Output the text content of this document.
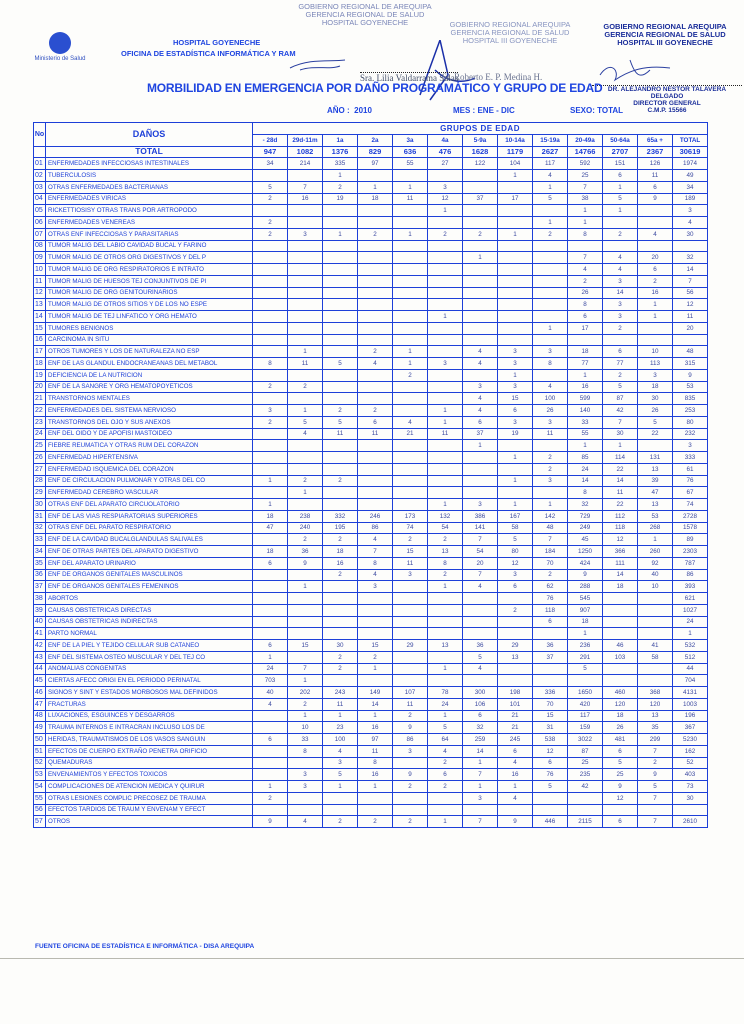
Ministerio de Salud
HOSPITAL GOYENECHE
OFICINA DE ESTADÍSTICA INFORMÁTICA Y RAM
GOBIERNO REGIONAL DE AREQUIPA
GERENCIA REGIONAL DE SALUD
HOSPITAL GOYENECHE	GOBIERNO REGIONAL AREQUIPA
GERENCIA REGIONAL DE SALUD
HOSPITAL III GOYENECHE
GOBIERNO REGIONAL AREQUIPA
GERENCIA REGIONAL DE SALUD
HOSPITAL III GOYENECHE
Sra. Lilia Valdarrama Salas
Sr. Roberto E. P. Medina H.
DR. ALEJANDRO NESTOR TALAVERA DELGADO
DIRECTOR GENERAL
C.M.P. 15566
MORBILIDAD EN EMERGENCIA POR DAÑO PROGRAMÁTICO Y GRUPO DE EDAD
AÑO : 2010	MES : ENE - DIC	SEXO: TOTAL
No	DAÑOS	GRUPOS DE EDAD												
		- 28d	29d-11m	1a	2a	3a	4a	5-9a	10-14a	15-19a	20-49a	50-64a	65a +	TOTAL
	TOTAL	947	1082	1376	829	636	476	1628	1179	2627	14766	2707	2367	30619
01	ENFERMEDADES INFECCIOSAS INTESTINALES	34	214	335	97	55	27	122	104	117	592	151	126	1974
02	TUBERCULOSIS			1					1	4	25	6	11	49
03	OTRAS ENFERMEDADES BACTERIANAS	5	7	2	1	1	3			1	7	1	6	34
04	ENFERMEDADES VIRICAS	2	16	19	18	11	12	37	17	5	38	5	9	189
05	RICKETTIOSISY OTRAS TRANS POR ARTROPODO						1				1	1		3
06	ENFERMEDADES VENEREAS	2								1	1			4
07	OTRAS ENF INFECCIOSAS Y PARASITARIAS	2	3	1	2	1	2	2	1	2	8	2	4	30
08	TUMOR MALIG DEL LABIO CAVIDAD BUCAL Y FARINO													
09	TUMOR MALIG DE OTROS ORG DIGESTIVOS Y DEL P							1			7	4	20	32
10	TUMOR MALIG DE ORG RESPIRATORIOS E INTRATO										4	4	6	14
11	TUMOR MALIG DE HUESOS TEJ CONJUNTIVOS DE PI										2	3	2	7
12	TUMOR MALIG DE ORG GENITOURINARIOS										26	14	16	56
13	TUMOR MALIG DE OTROS SITIOS Y DE LOS NO ESPE										8	3	1	12
14	TUMOR MALIG DE TEJ LINFATICO Y ORG HEMATO						1				6	3	1	11
15	TUMORES BENIGNOS									1	17	2		20
16	CARCINOMA IN SITU													
17	OTROS TUMORES Y LOS DE NATURALEZA NO ESP		1		2	1		4	3	3	18	6	10	48
18	ENF DE LAS GLANDUL ENDOCRANEANAS DEL METABOL	8	11	5	4	1	3	4	3	8	77	77	113	315
19	DEFICIENCIA DE LA NUTRICION					2			1		1	2	3	9
20	ENF DE LA SANGRE Y ORG HEMATOPOYETICOS	2	2					3	3	4	16	5	18	53
21	TRANSTORNOS MENTALES							4	15	100	599	87	30	835
22	ENFERMEDADES DEL SISTEMA NERVIOSO	3	1	2	2		1	4	6	26	140	42	26	253
23	TRANSTORNOS DEL OJO Y SUS ANEXOS	2	5	5	6	4	1	6	3	3	33	7	5	80
24	ENF DEL OIDO Y DE APOFISI MASTOIDEO		4	11	11	21	11	37	19	11	55	30	22	232
25	FIEBRE REUMATICA Y OTRAS RUM DEL CORAZON							1			1	1		3
26	ENFERMEDAD HIPERTENSIVA								1	2	85	114	131	333
27	ENFERMEDAD ISQUEMICA DEL CORAZON									2	24	22	13	61
28	ENF DE CIRCULACION PULMONAR Y OTRAS DEL CO	1	2	2					1	3	14	14	39	76
29	ENFERMEDAD CEREBRO VASCULAR		1								8	11	47	67
30	OTRAS ENF DEL APARATO CIRCUOLATORIO	1					1	3	1	1	32	22	13	74
31	ENF DE LAS VIAS RESPIARATORIAS SUPERIORES	18	238	332	246	173	132	386	167	142	729	112	53	2728
32	OTRAS ENF DEL PARATO RESPIRATORIO	47	240	195	86	74	54	141	58	48	249	118	268	1578
33	ENF DE LA CAVIDAD BUCALGLANDULAS SALIVALES		2	2	4	2	2	7	5	7	45	12	1	89
34	ENF DE OTRAS PARTES DEL APARATO DIGESTIVO	18	36	18	7	15	13	54	80	184	1250	366	260	2303
35	ENF DEL APARATO URINARIO	6	9	16	8	11	8	20	12	70	424	111	92	787
36	ENF DE ORGANOS GENITALES MASCULINOS			2	4	3	2	7	3	2	9	14	40	86
37	ENF DE ORGANOS GENITALES FEMENINOS		1		3		1	4	6	62	288	18	10	393
38	ABORTOS									76	545			621
39	CAUSAS OBSTETRICAS DIRECTAS								2	118	907			1027
40	CAUSAS OBSTETRICAS INDIRECTAS									6	18			24
41	PARTO NORMAL										1			1
42	ENF DE LA PIEL Y TEJIDO CELULAR SUB CATANEO	6	15	30	15	29	13	36	29	36	236	46	41	532
43	ENF DEL SISTEMA OSTEO MUSCULAR Y DEL TEJ CO	1		2	2			5	13	37	291	103	58	512
44	ANOMALIAS CONGENITAS	24	7	2	1		1	4			5			44
45	CIERTAS AFECC ORIGI EN EL PERIODO PERINATAL	703	1											704
46	SIGNOS Y SINT Y ESTADOS MORBOSOS MAL DEFINIDOS	40	202	243	149	107	78	300	198	336	1650	460	368	4131
47	FRACTURAS	4	2	11	14	11	24	106	101	70	420	120	120	1003
48	LUXACIONES, ESGUINCES Y DESGARROS		1	1	1	2	1	6	21	15	117	18	13	196
49	TRAUMA INTERNOS E INTRACRAN INCLUSO LOS DE		10	23	16	9	5	32	21	31	159	26	35	367
50	HERIDAS, TRAUMATISMOS DE LOS VASOS SANGUIN	6	33	100	97	86	64	259	245	538	3022	481	299	5230
51	EFECTOS DE CUERPO EXTRAÑO PENETRA ORIFICIO		8	4	11	3	4	14	6	12	87	6	7	162
52	QUEMADURAS			3	8		2	1	4	6	25	5	2	52
53	ENVENAMIENTOS Y EFECTOS TOXICOS		3	5	16	9	6	7	16	76	235	25	9	403
54	COMPLICACIONES DE ATENCION MEDICA Y QUIRUR	1	3	1	1	2	2	1	1	5	42	9	5	73
55	OTRAS LESIONES COMPLIC PRECOSEZ DE TRAUMA	2						3	4			12	7	30
56	EFECTOS TARDIOS DE TRAUM Y ENVENAM Y EFECT													
57	OTROS	9	4	2	2	2	1	7	9	446	2115	6	7	2610
FUENTE OFICINA DE ESTADÍSTICA E INFORMÁTICA - DISA AREQUIPA
